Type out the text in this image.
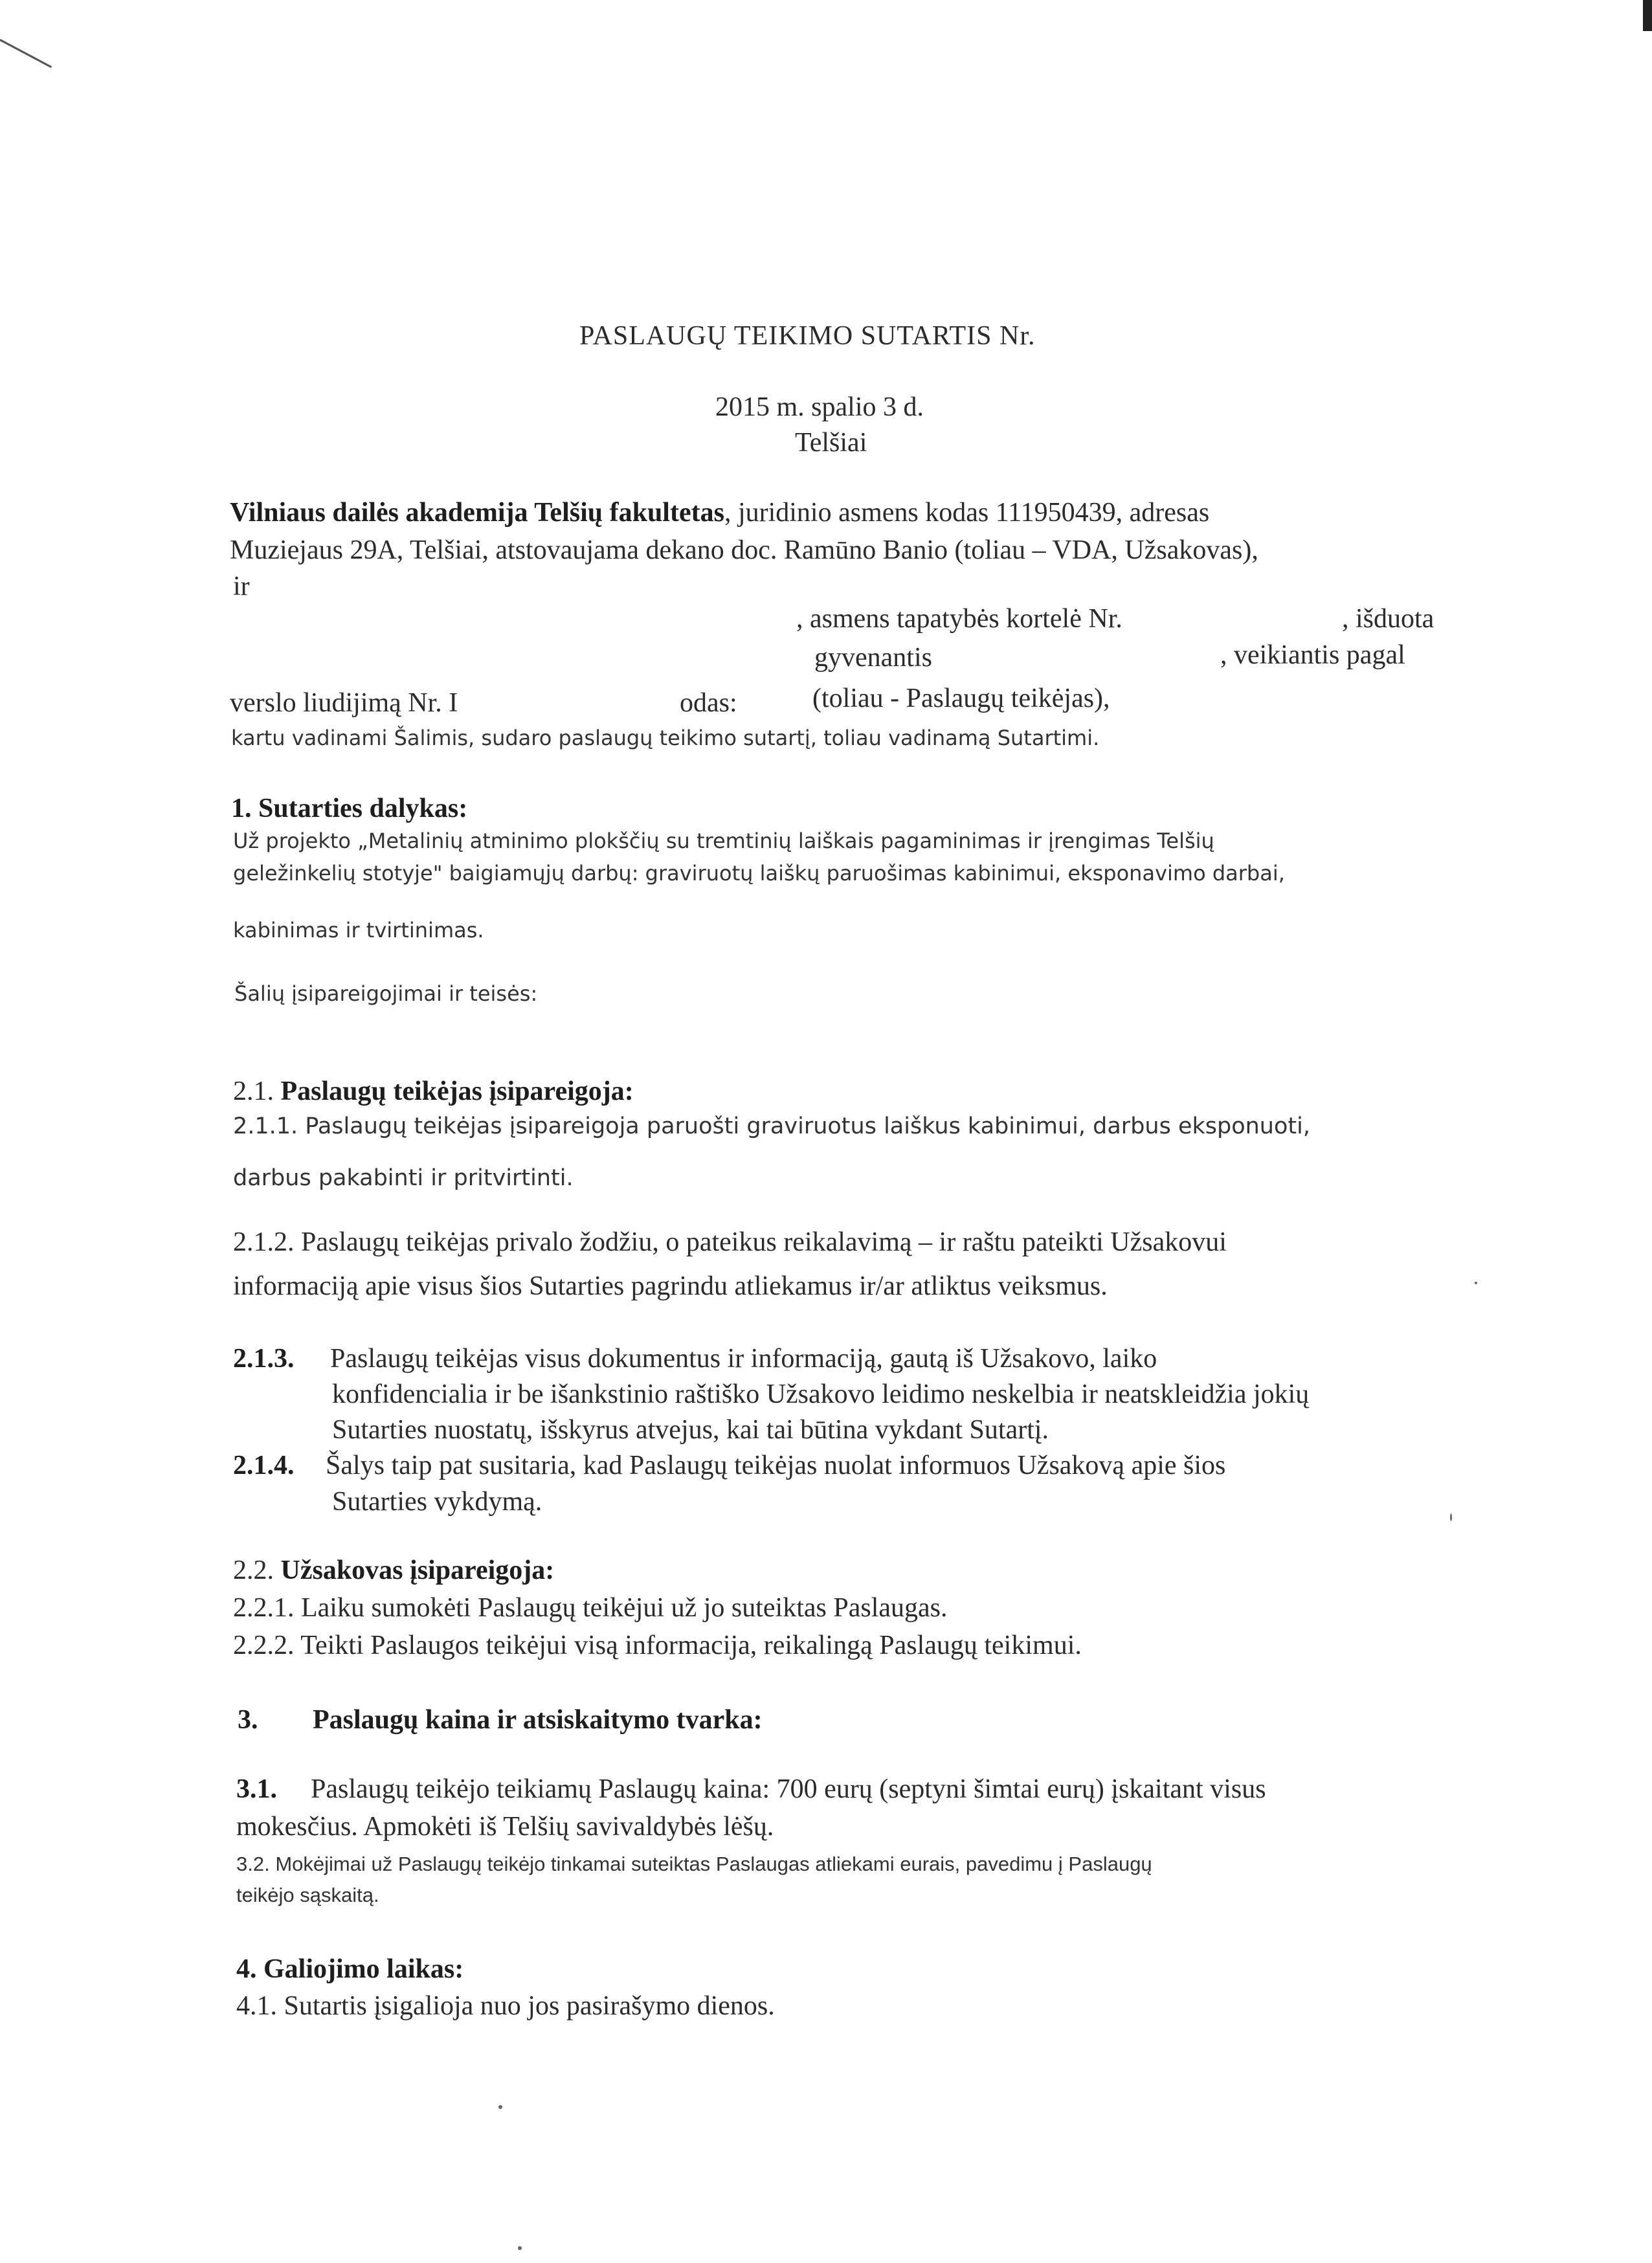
PASLAUGŲ TEIKIMO SUTARTIS Nr.
2015 m. spalio 3 d.
Telšiai
Vilniaus dailės akademija Telšių fakultetas, juridinio asmens kodas 111950439, adresas
Muziejaus 29A, Telšiai, atstovaujama dekano doc. Ramūno Banio (toliau – VDA, Užsakovas),
ir
, asmens tapatybės kortelė Nr.	, išduota
gyvenantis	, veikiantis pagal
verslo liudijimą Nr. I	odas:	(toliau - Paslaugų teikėjas),
kartu vadinami Šalimis, sudaro paslaugų teikimo sutartį, toliau vadinamą Sutartimi.
1. Sutarties dalykas:
Už projekto „Metalinių atminimo plokščių su tremtinių laiškais pagaminimas ir įrengimas Telšių
geležinkelių stotyje" baigiamųjų darbų: graviruotų laiškų paruošimas kabinimui, eksponavimo darbai,
kabinimas ir tvirtinimas.
Šalių įsipareigojimai ir teisės:
2.1. Paslaugų teikėjas įsipareigoja:
2.1.1. Paslaugų teikėjas įsipareigoja paruošti graviruotus laiškus kabinimui, darbus eksponuoti,
darbus pakabinti ir pritvirtinti.
2.1.2. Paslaugų teikėjas privalo žodžiu, o pateikus reikalavimą – ir raštu pateikti Užsakovui
informaciją apie visus šios Sutarties pagrindu atliekamus ir/ar atliktus veiksmus.
2.1.3. Paslaugų teikėjas visus dokumentus ir informaciją, gautą iš Užsakovo, laiko
konfidencialia ir be išankstinio raštiško Užsakovo leidimo neskelbia ir neatskleidžia jokių
Sutarties nuostatų, išskyrus atvejus, kai tai būtina vykdant Sutartį.
2.1.4. Šalys taip pat susitaria, kad Paslaugų teikėjas nuolat informuos Užsakovą apie šios
Sutarties vykdymą.
2.2. Užsakovas įsipareigoja:
2.2.1. Laiku sumokėti Paslaugų teikėjui už jo suteiktas Paslaugas.
2.2.2. Teikti Paslaugos teikėjui visą informacija, reikalingą Paslaugų teikimui.
3. Paslaugų kaina ir atsiskaitymo tvarka:
3.1. Paslaugų teikėjo teikiamų Paslaugų kaina: 700 eurų (septyni šimtai eurų) įskaitant visus
mokesčius. Apmokėti iš Telšių savivaldybės lėšų.
3.2. Mokėjimai už Paslaugų teikėjo tinkamai suteiktas Paslaugas atliekami eurais, pavedimu į Paslaugų
teikėjo sąskaitą.
4. Galiojimo laikas:
4.1. Sutartis įsigalioja nuo jos pasirašymo dienos.
